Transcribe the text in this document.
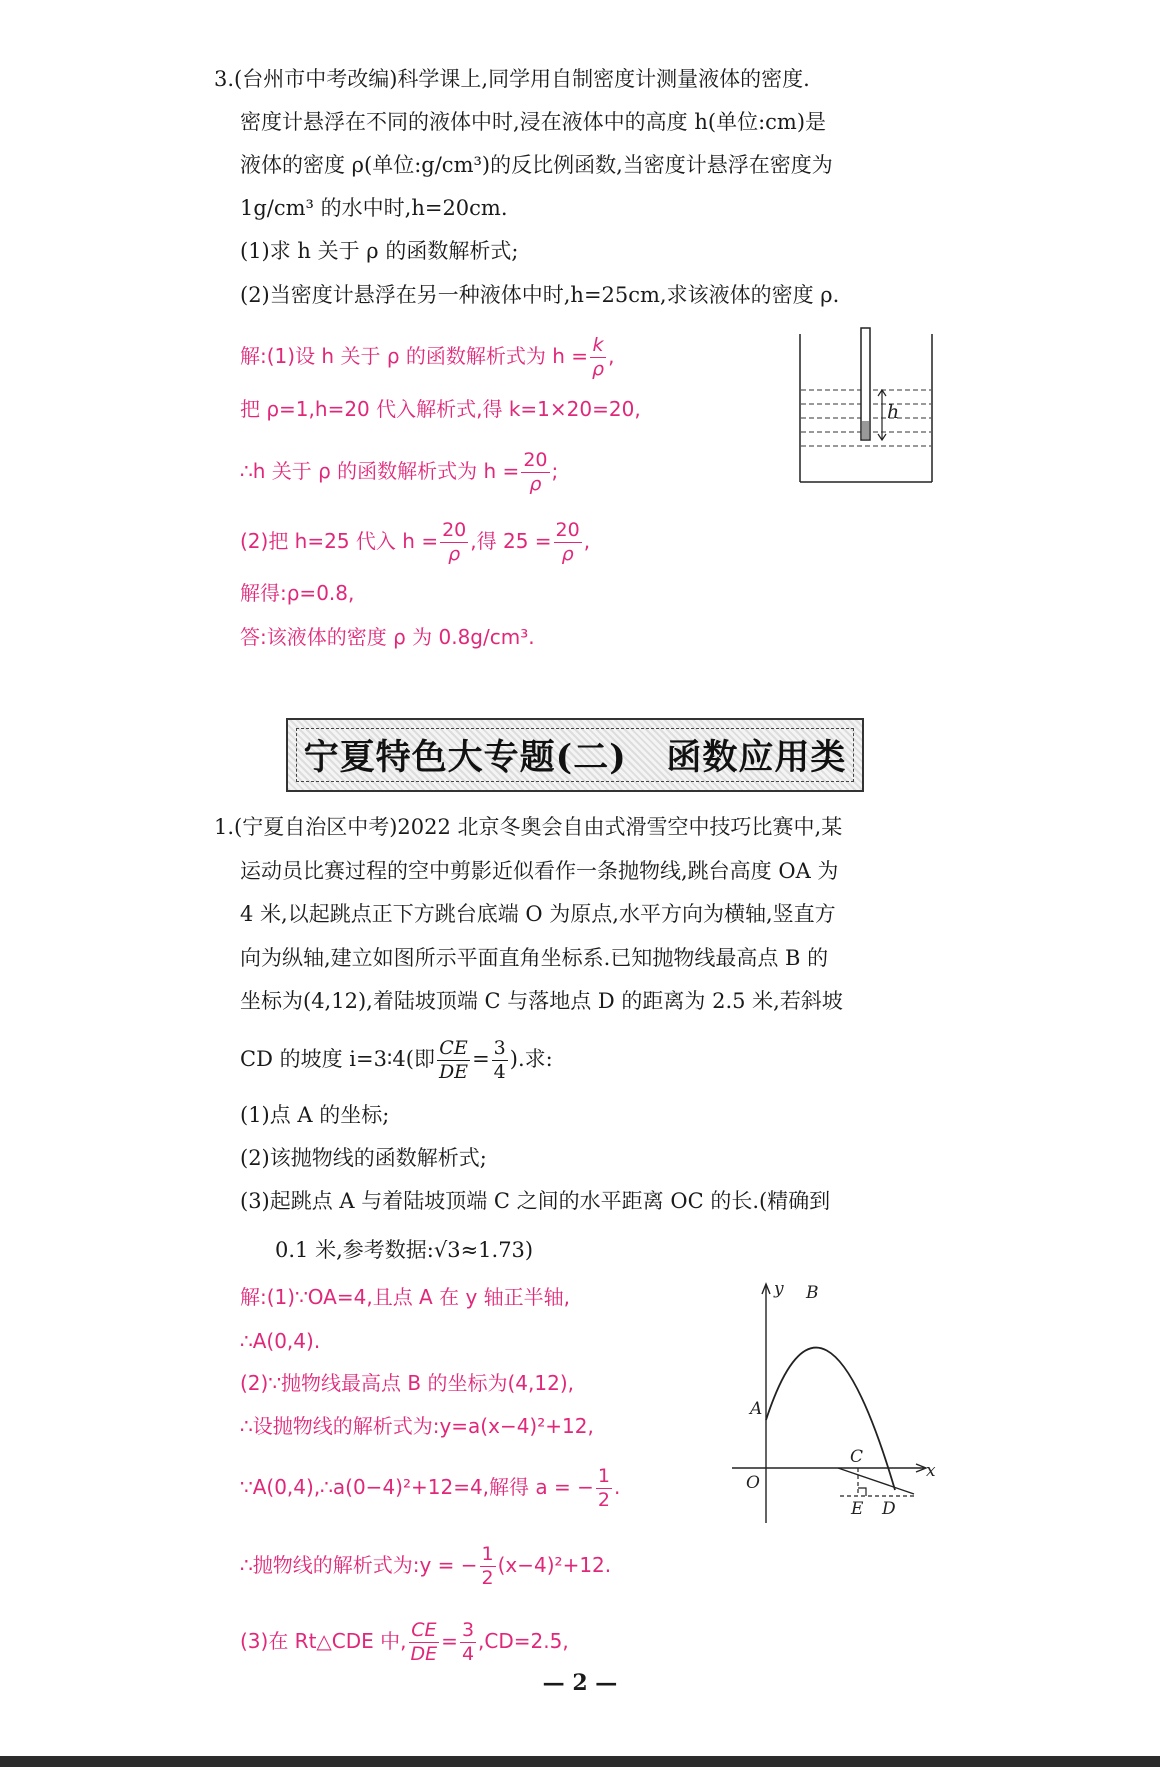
3.(台州市中考改编)科学课上,同学用自制密度计测量液体的密度.
密度计悬浮在不同的液体中时,浸在液体中的高度 h(单位:cm)是
液体的密度 ρ(单位:g/cm³)的反比例函数,当密度计悬浮在密度为
1g/cm³ 的水中时,h=20cm.
(1)求 h 关于 ρ 的函数解析式;
(2)当密度计悬浮在另一种液体中时,h=25cm,求该液体的密度 ρ.
解:(1)设 h 关于 ρ 的函数解析式为 $h = \frac{k}{\rho}$ ,
把 ρ=1,h=20 代入解析式,得 k=1×20=20,
∴h 关于 ρ 的函数解析式为 $h = \frac{20}{\rho}$ ;
(2)把 h=25 代入 $h = \frac{20}{\rho}$ ,得 $25 = \frac{20}{\rho}$ ,
解得:ρ=0.8,
答:该液体的密度 ρ 为 0.8g/cm³.
h
宁夏特色大专题(二)   函数应用类
1.(宁夏自治区中考)2022 北京冬奥会自由式滑雪空中技巧比赛中,某
运动员比赛过程的空中剪影近似看作一条抛物线,跳台高度 OA 为
4 米,以起跳点正下方跳台底端 O 为原点,水平方向为横轴,竖直方
向为纵轴,建立如图所示平面直角坐标系.已知抛物线最高点 B 的
坐标为(4,12),着陆坡顶端 C 与落地点 D 的距离为 2.5 米,若斜坡
CD 的坡度 i=3∶4(即 $\frac{CE}{DE} = \frac{3}{4}$ ).求:
(1)点 A 的坐标;
(2)该抛物线的函数解析式;
(3)起跳点 A 与着陆坡顶端 C 之间的水平距离 OC 的长.(精确到
0.1 米,参考数据:√3≈1.73)
解:(1)∵OA=4,且点 A 在 y 轴正半轴,
∴A(0,4).
(2)∵抛物线最高点 B 的坐标为(4,12),
∴设抛物线的解析式为:y=a(x−4)²+12,
∵A(0,4),∴a(0−4)²+12=4,解得 a = − $\frac{1}{2}$ .
∴抛物线的解析式为:y = − $\frac{1}{2} (x-4)^2+12$.
(3)在 Rt△CDE 中, $\frac{CE}{DE} = \frac{3}{4} ,CD=2.5$,
y
x
O
A
B
C
E D
— 2 —
